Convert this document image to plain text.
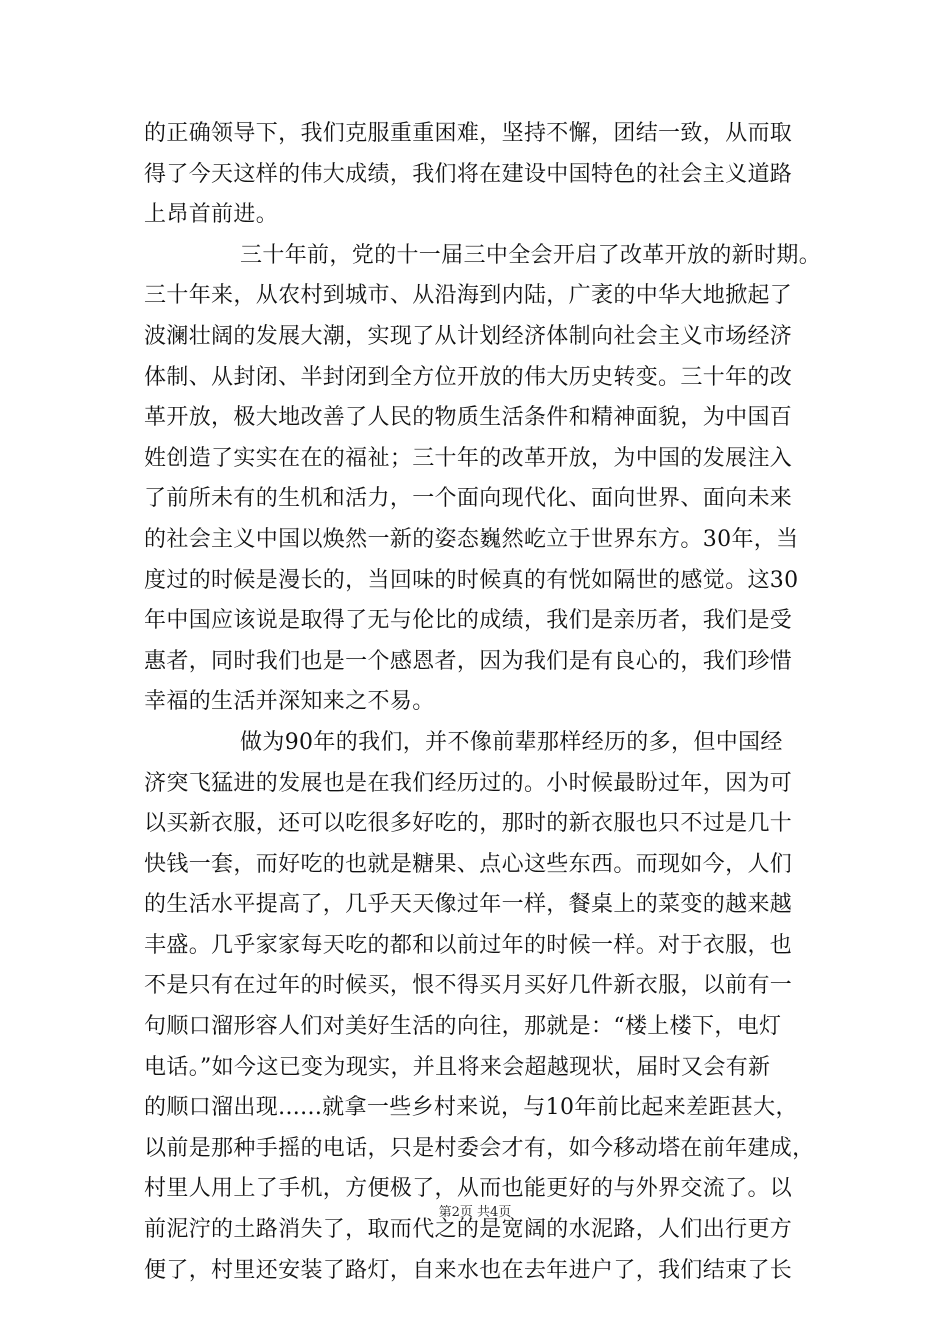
的正确领导下，我们克服重重困难，坚持不懈，团结一致，从而取
得了今天这样的伟大成绩，我们将在建设中国特色的社会主义道路
上昂首前进。
三十年前，党的十一届三中全会开启了改革开放的新时期。
三十年来，从农村到城市、从沿海到内陆，广袤的中华大地掀起了
波澜壮阔的发展大潮，实现了从计划经济体制向社会主义市场经济
体制、从封闭、半封闭到全方位开放的伟大历史转变。三十年的改
革开放，极大地改善了人民的物质生活条件和精神面貌，为中国百
姓创造了实实在在的福祉；三十年的改革开放，为中国的发展注入
了前所未有的生机和活力，一个面向现代化、面向世界、面向未来
的社会主义中国以焕然一新的姿态巍然屹立于世界东方。30年，当
度过的时候是漫长的，当回味的时候真的有恍如隔世的感觉。这30
年中国应该说是取得了无与伦比的成绩，我们是亲历者，我们是受
惠者，同时我们也是一个感恩者，因为我们是有良心的，我们珍惜
幸福的生活并深知来之不易。
做为90年的我们，并不像前辈那样经历的多，但中国经
济突飞猛进的发展也是在我们经历过的。小时候最盼过年，因为可
以买新衣服，还可以吃很多好吃的，那时的新衣服也只不过是几十
快钱一套，而好吃的也就是糖果、点心这些东西。而现如今，人们
的生活水平提高了，几乎天天像过年一样，餐桌上的菜变的越来越
丰盛。几乎家家每天吃的都和以前过年的时候一样。对于衣服，也
不是只有在过年的时候买，恨不得买月买好几件新衣服，以前有一
句顺口溜形容人们对美好生活的向往，那就是：“楼上楼下，电灯
电话。”如今这已变为现实，并且将来会超越现状，届时又会有新
的顺口溜出现......就拿一些乡村来说，与10年前比起来差距甚大，
以前是那种手摇的电话，只是村委会才有，如今移动塔在前年建成，
村里人用上了手机，方便极了，从而也能更好的与外界交流了。以
前泥泞的土路消失了，取而代之的是宽阔的水泥路，人们出行更方
便了，村里还安装了路灯，自来水也在去年进户了，我们结束了长
第2页 共4页
